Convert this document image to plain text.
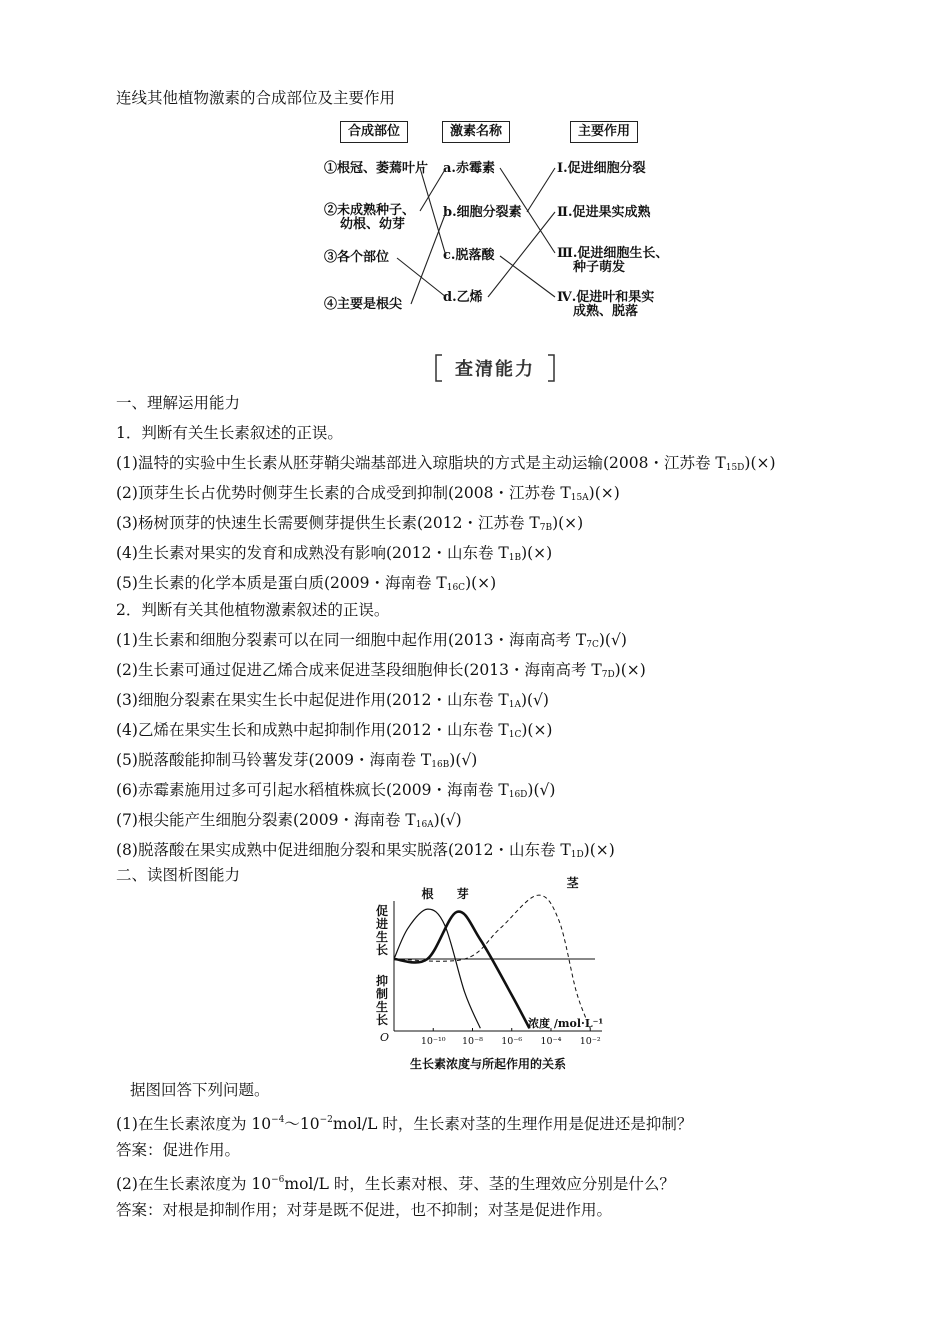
连线其他植物激素的合成部位及主要作用
合成部位	激素名称	主要作用
①根冠、萎蔫叶片
②未成熟种子、
幼根、幼芽
③各个部位
④主要是根尖
a.赤霉素
b.细胞分裂素
c.脱落酸
d.乙烯
Ⅰ.促进细胞分裂
Ⅱ.促进果实成熟
Ⅲ.促进细胞生长、
种子萌发
Ⅳ.促进叶和果实
成熟、脱落
查清能力
一、理解运用能力
1．判断有关生长素叙述的正误。
(1)温特的实验中生长素从胚芽鞘尖端基部进入琼脂块的方式是主动运输(2008・江苏卷 $T_{15D})(\times)$
(2)顶芽生长占优势时侧芽生长素的合成受到抑制(2008・江苏卷 $T_{15A})(\times)$
(3)杨树顶芽的快速生长需要侧芽提供生长素(2012・江苏卷 $T_{7B})(\times)$
(4)生长素对果实的发育和成熟没有影响(2012・山东卷 $T_{1B})(\times)$
(5)生长素的化学本质是蛋白质(2009・海南卷 $T_{16C})(\times)$
2．判断有关其他植物激素叙述的正误。
(1)生长素和细胞分裂素可以在同一细胞中起作用(2013・海南高考 $T_{7C})(√)$
(2)生长素可通过促进乙烯合成来促进茎段细胞伸长(2013・海南高考 $T_{7D})(\times)$
(3)细胞分裂素在果实生长中起促进作用(2012・山东卷 $T_{1A})(√)$
(4)乙烯在果实生长和成熟中起抑制作用(2012・山东卷 $T_{1C})(\times)$
(5)脱落酸能抑制马铃薯发芽(2009・海南卷 $T_{16B})(√)$
(6)赤霉素施用过多可引起水稻植株疯长(2009・海南卷 $T_{16D})(√)$
(7)根尖能产生细胞分裂素(2009・海南卷 $T_{16A})(√)$
(8)脱落酸在果实成熟中促进细胞分裂和果实脱落(2012・山东卷 $T_{1D})(\times)$
二、读图析图能力
生长素浓度与所起作用的关系
促
进
生
长
抑
制
生
长
O
浓度 /mol·L⁻¹
10⁻¹⁰ 10⁻⁸ 10⁻⁶ 10⁻⁴ 10⁻²
根 芽
茎
据图回答下列问题。
(1)在生长素浓度为 $10^{-4}\sim 10^{-2}mol/L$ 时，生长素对茎的生理作用是促进还是抑制？
答案：促进作用。
(2)在生长素浓度为 $10^{-6}mol/L$ 时，生长素对根、芽、茎的生理效应分别是什么？
答案：对根是抑制作用；对芽是既不促进，也不抑制；对茎是促进作用。
